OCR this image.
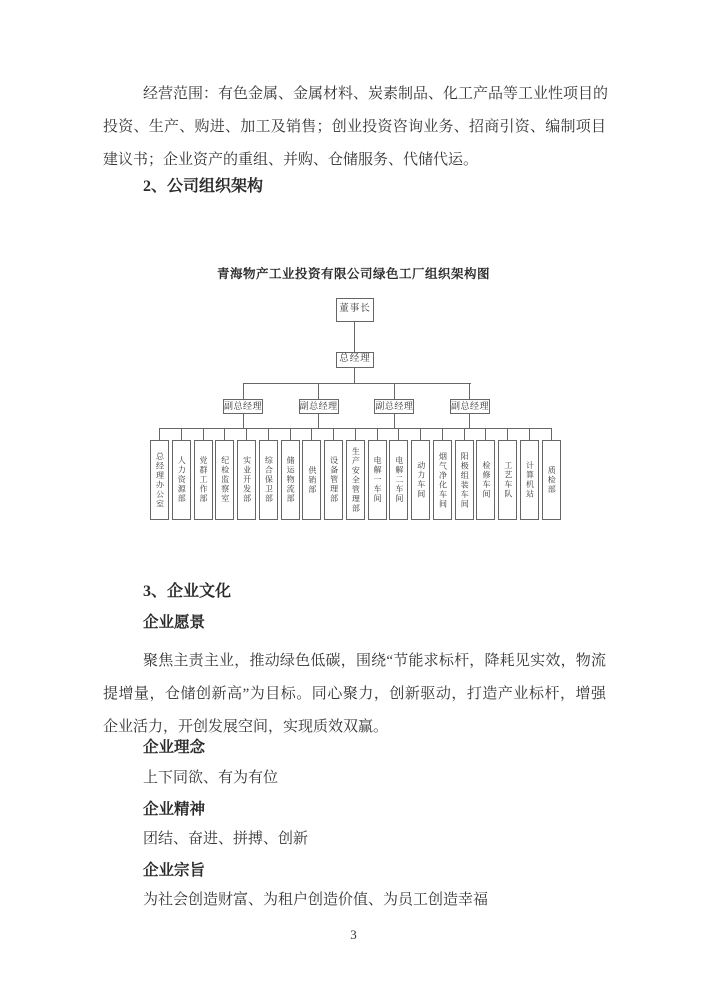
经营范围：有色金属、金属材料、炭素制品、化工产品等工业性项目的
投资、生产、购进、加工及销售；创业投资咨询业务、招商引资、编制项目
建议书；企业资产的重组、并购、仓储服务、代储代运。
2、公司组织架构
青海物产工业投资有限公司绿色工厂组织架构图
董事长
总经理
副总经理	副总经理	副总经理	副总经理
总经理办公室	人力资源部	党群工作部	纪检监察室	实业开发部	综合保卫部	储运物流部	供销部	设备管理部	生产安全管理部	电解一车间	电解二车间	动力车间	烟气净化车间	阳极组装车间	检修车间	工艺车队	计算机站	质检部
3、企业文化
企业愿景
聚焦主责主业，推动绿色低碳，围绕“节能求标杆，降耗见实效，物流
提增量，仓储创新高”为目标。同心聚力，创新驱动，打造产业标杆，增强
企业活力，开创发展空间，实现质效双赢。
企业理念
上下同欲、有为有位
企业精神
团结、奋进、拼搏、创新
企业宗旨
为社会创造财富、为租户创造价值、为员工创造幸福
3
